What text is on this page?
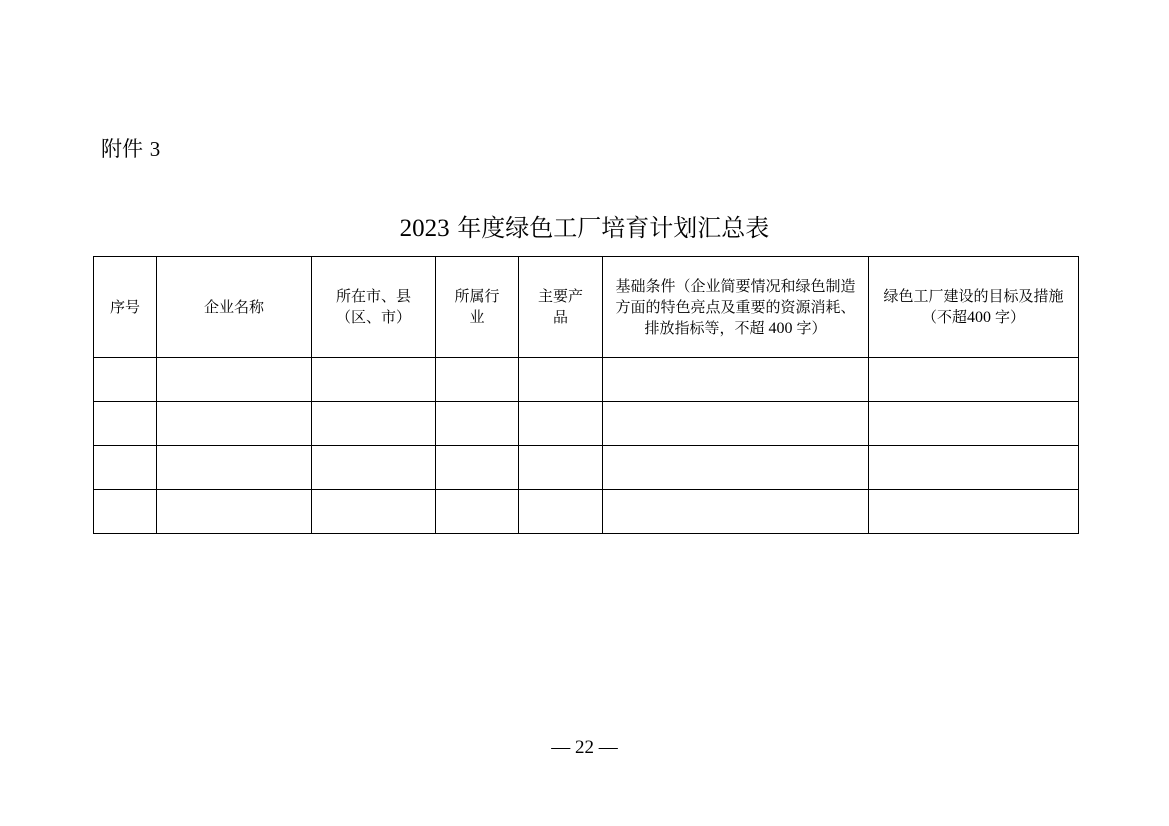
附件 3
2023 年度绿色工厂培育计划汇总表
序号	企业名称	所在市、县（区、市）	所属行业	主要产品	基础条件（企业简要情况和绿色制造方面的特色亮点及重要的资源消耗、排放指标等，不超 400 字）	绿色工厂建设的目标及措施（不超400 字）

— 22 —
